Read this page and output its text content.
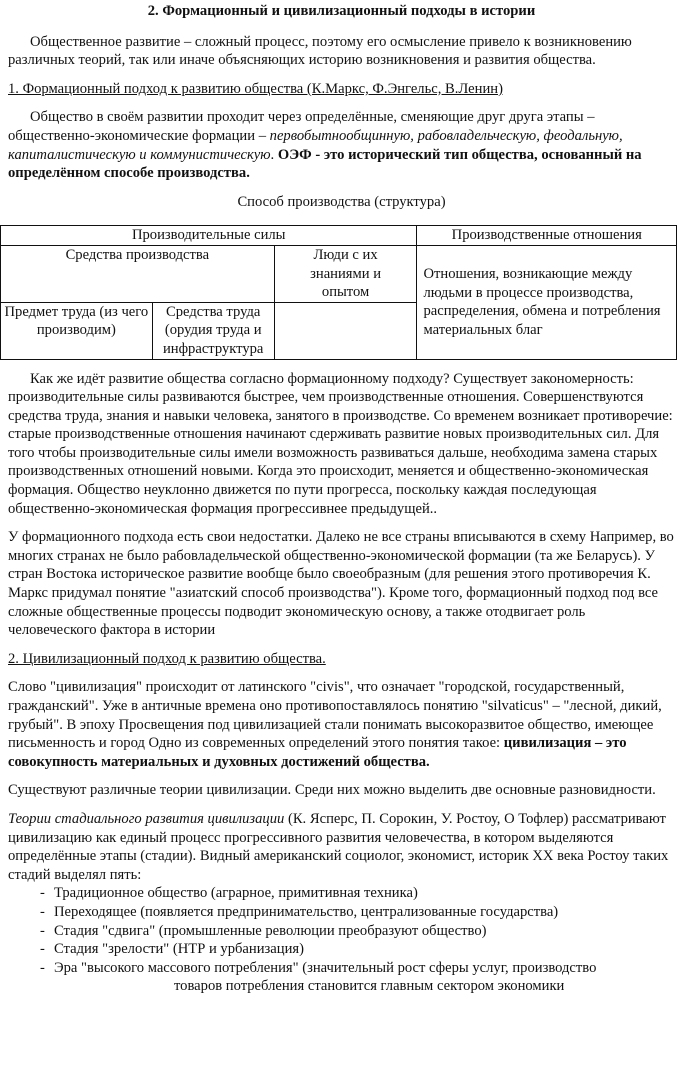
2. Формационный и цивилизационный подходы в истории

Общественное развитие – сложный процесс, поэтому его осмысление привело к возникновению различных теорий, так или иначе объясняющих историю возникновения и развития общества.

1. Формационный подход к развитию общества (К.Маркс, Ф.Энгельс, В.Ленин)

Общество в своём развитии проходит через определённые, сменяющие друг друга этапы – общественно-экономические формации – первобытнообщинную, рабовладельческую, феодальную, капиталистическую и коммунистическую. ОЭФ - это исторический тип общества, основанный на определённом способе производства.

Способ производства (структура)

Производительные силы			Производственные отношения
Средства производства		Люди с их знаниями и опытом	Отношения, возникающие между людьми в процессе производства, распределения, обмена и потребления материальных благ
Предмет труда (из чего производим)	Средства труда (орудия труда и инфраструктура		

Как же идёт развитие общества согласно формационному подходу? Существует закономерность: производительные силы развиваются быстрее, чем производственные отношения. Совершенствуются средства труда, знания и навыки человека, занятого в производстве. Со временем возникает противоречие: старые производственные отношения начинают сдерживать развитие новых производительных сил. Для того чтобы производительные силы имели возможность развиваться дальше, необходима замена старых производственных отношений новыми. Когда это происходит, меняется и общественно-экономическая формация. Общество неуклонно движется по пути прогресса, поскольку каждая последующая общественно-экономическая формация прогрессивнее предыдущей..

У формационного подхода есть свои недостатки. Далеко не все страны вписываются в схему Например, во многих странах не было рабовладельческой общественно-экономической формации (та же Беларусь). У стран Востока историческое развитие вообще было своеобразным (для решения этого противоречия К. Маркс придумал понятие "азиатский способ производства"). Кроме того, формационный подход под все сложные общественные процессы подводит экономическую основу, а также отодвигает роль человеческого фактора в истории

2. Цивилизационный подход к развитию общества.

Слово "цивилизация" происходит от латинского "civis", что означает "городской, государственный, гражданский". Уже в античные времена оно противопоставлялось понятию "silvaticus" – "лесной, дикий, грубый". В эпоху Просвещения под цивилизацией стали понимать высокоразвитое общество, имеющее письменность и город Одно из современных определений этого понятия такое: цивилизация – это совокупность материальных и духовных достижений общества.

Существуют различные теории цивилизации. Среди них можно выделить две основные разновидности.

Теории стадиального развития цивилизации (К. Ясперс, П. Сорокин, У. Ростоу, О Тофлер) рассматривают цивилизацию как единый процесс прогрессивного развития человечества, в котором выделяются определённые этапы (стадии). Видный американский социолог, экономист, историк XX века Ростоу таких стадий выделял пять:

- Традиционное общество (аграрное, примитивная техника)
- Переходящее (появляется предпринимательство, централизованные государства)
- Стадия "сдвига" (промышленные революции преобразуют общество)
- Стадия "зрелости" (НТР и урбанизация)
- Эра "высокого массового потребления" (значительный рост сферы услуг, производство

товаров потребления становится главным сектором экономики
